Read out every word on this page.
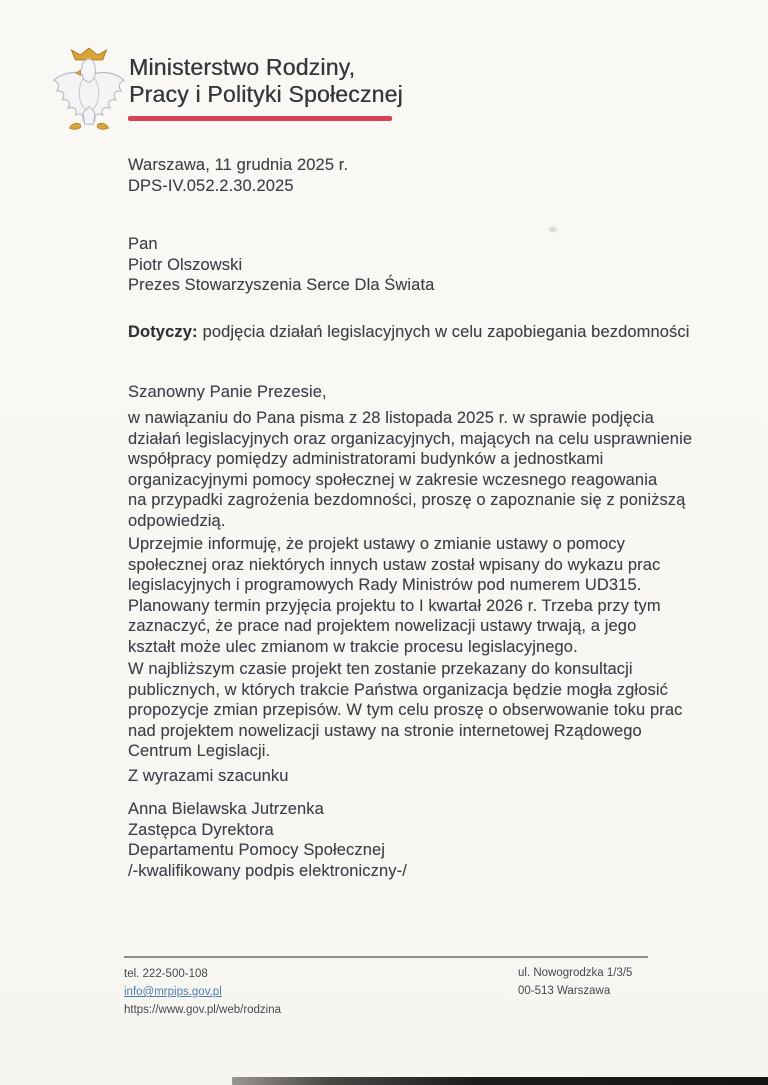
Ministerstwo Rodziny,
Pracy i Polityki Społecznej
Warszawa, 11 grudnia 2025 r.
DPS-IV.052.2.30.2025
Pan
Piotr Olszowski
Prezes Stowarzyszenia Serce Dla Świata
Dotyczy: podjęcia działań legislacyjnych w celu zapobiegania bezdomności
Szanowny Panie Prezesie,
w nawiązaniu do Pana pisma z 28 listopada 2025 r. w sprawie podjęcia
działań legislacyjnych oraz organizacyjnych, mających na celu usprawnienie
współpracy pomiędzy administratorami budynków a jednostkami
organizacyjnymi pomocy społecznej w zakresie wczesnego reagowania
na przypadki zagrożenia bezdomności, proszę o zapoznanie się z poniższą
odpowiedzią.
Uprzejmie informuję, że projekt ustawy o zmianie ustawy o pomocy
społecznej oraz niektórych innych ustaw został wpisany do wykazu prac
legislacyjnych i programowych Rady Ministrów pod numerem UD315.
Planowany termin przyjęcia projektu to I kwartał 2026 r. Trzeba przy tym
zaznaczyć, że prace nad projektem nowelizacji ustawy trwają, a jego
kształt może ulec zmianom w trakcie procesu legislacyjnego.
W najbliższym czasie projekt ten zostanie przekazany do konsultacji
publicznych, w których trakcie Państwa organizacja będzie mogła zgłosić
propozycje zmian przepisów. W tym celu proszę o obserwowanie toku prac
nad projektem nowelizacji ustawy na stronie internetowej Rządowego
Centrum Legislacji.
Z wyrazami szacunku
Anna Bielawska Jutrzenka
Zastępca Dyrektora
Departamentu Pomocy Społecznej
/-kwalifikowany podpis elektroniczny-/
tel. 222-500-108
info@mrpips.gov.pl
https://www.gov.pl/web/rodzina
ul. Nowogrodzka 1/3/5
00-513 Warszawa
